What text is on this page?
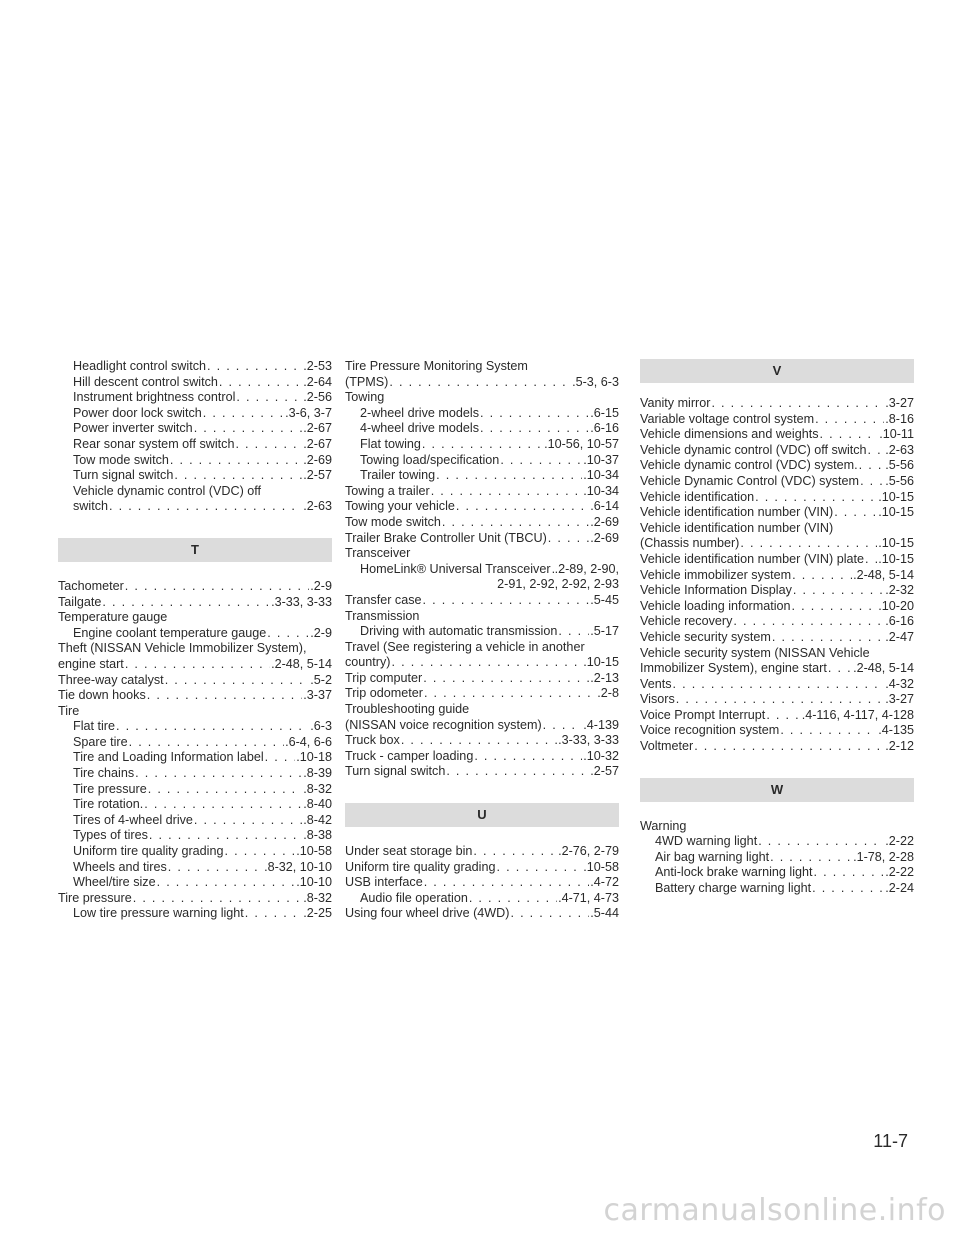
Headlight control switch . . .	.2-53
Hill descent control switch . . .	.2-64
Instrument brightness control . . .	.2-56
Power door lock switch . . .	.3-6, 3-7
Power inverter switch . . .	.2-67
Rear sonar system off switch . . .	.2-67
Tow mode switch . . .	.2-69
Turn signal switch . . .	.2-57
Vehicle dynamic control (VDC) off
switch . . .	.2-63
T
Tachometer . . .	.2-9
Tailgate . . .	.3-33, 3-33
Temperature gauge
Engine coolant temperature gauge . . .	.2-9
Theft (NISSAN Vehicle Immobilizer System),
engine start . . .	.2-48, 5-14
Three-way catalyst . . .	.5-2
Tie down hooks . . .	.3-37
Tire
Flat tire . . .	.6-3
Spare tire . . .	.6-4, 6-6
Tire and Loading Information label . . .	.10-18
Tire chains . . .	.8-39
Tire pressure . . .	.8-32
Tire rotation. . . .	.8-40
Tires of 4-wheel drive . . .	.8-42
Types of tires . . .	.8-38
Uniform tire quality grading . . .	.10-58
Wheels and tires . . .	.8-32, 10-10
Wheel/tire size . . .	.10-10
Tire pressure . . .	.8-32
Low tire pressure warning light . . .	.2-25
Tire Pressure Monitoring System
(TPMS) . . .	.5-3, 6-3
Towing
2-wheel drive models . . .	.6-15
4-wheel drive models . . .	.6-16
Flat towing . . .	.10-56, 10-57
Towing load/specification . . .	.10-37
Trailer towing . . .	.10-34
Towing a trailer . . .	.10-34
Towing your vehicle . . .	.6-14
Tow mode switch . . .	.2-69
Trailer Brake Controller Unit (TBCU) . . .	.2-69
Transceiver
HomeLink® Universal Transceiver . . . .2-89, 2-90,
2-91, 2-92, 2-92, 2-93
Transfer case . . .	.5-45
Transmission
Driving with automatic transmission . . .	.5-17
Travel (See registering a vehicle in another
country) . . .	.10-15
Trip computer . . .	.2-13
Trip odometer . . .	.2-8
Troubleshooting guide
(NISSAN voice recognition system) . . .	.4-139
Truck box . . .	.3-33, 3-33
Truck - camper loading . . .	.10-32
Turn signal switch . . .	.2-57
U
Under seat storage bin . . .	.2-76, 2-79
Uniform tire quality grading . . .	.10-58
USB interface . . .	.4-72
Audio file operation . . .	.4-71, 4-73
Using four wheel drive (4WD) . . .	.5-44
V
Vanity mirror . . .	.3-27
Variable voltage control system . . .	.8-16
Vehicle dimensions and weights . . .	.10-11
Vehicle dynamic control (VDC) off switch . . . .2-63
Vehicle dynamic control (VDC) system. . . . .5-56
Vehicle Dynamic Control (VDC) system . . . .5-56
Vehicle identification . . .	.10-15
Vehicle identification number (VIN) . . .	.10-15
Vehicle identification number (VIN)
(Chassis number) . . .	.10-15
Vehicle identification number (VIN) plate . . . .10-15
Vehicle immobilizer system . . .	.2-48, 5-14
Vehicle Information Display . . .	.2-32
Vehicle loading information . . .	.10-20
Vehicle recovery . . .	.6-16
Vehicle security system . . .	.2-47
Vehicle security system (NISSAN Vehicle
Immobilizer System), engine start . . . .2-48, 5-14
Vents . . .	.4-32
Visors . . .	.3-27
Voice Prompt Interrupt . . .	.4-116, 4-117, 4-128
Voice recognition system . . .	.4-135
Voltmeter . . .	.2-12
W
Warning
4WD warning light . . .	.2-22
Air bag warning light . . .	.1-78, 2-28
Anti-lock brake warning light . . .	.2-22
Battery charge warning light . . .	.2-24
11-7
carmanualsonline.info
